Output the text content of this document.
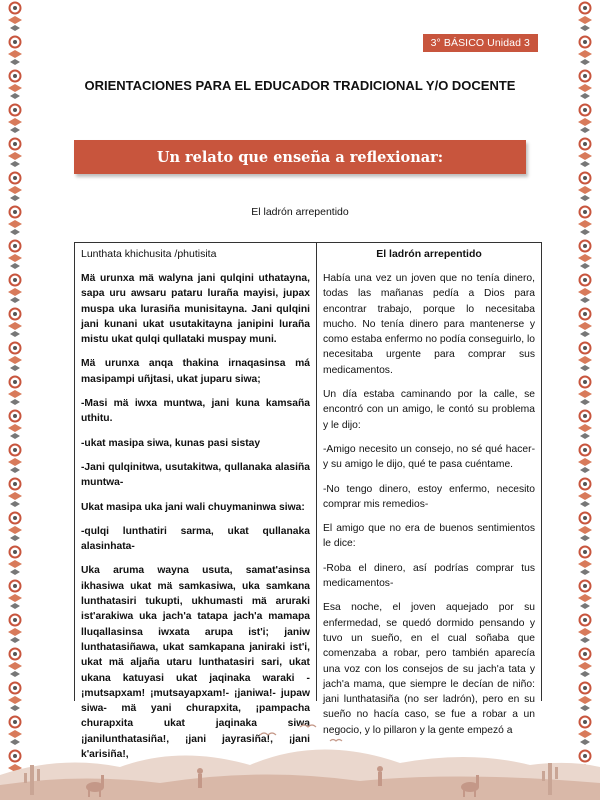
3° BÁSICO Unidad 3
ORIENTACIONES PARA EL EDUCADOR TRADICIONAL Y/O DOCENTE
Un relato que enseña a reflexionar:
El ladrón arrepentido
Lunthata khichusita /phutisita

Mä urunxa mä walyna jani qulqini uthatayna, sapa uru awsaru pataru luraña mayisi, jupax muspa uka lurasiña munisitayna. Jani qulqini jani kunani ukat usutakitayna janipini luraña mistu ukat qulqi qullataki muspay muni.

Mä urunxa anqa thakina irnaqasinsa má masipampi uñjtasi, ukat juparu siwa;

-Masi mä iwxa muntwa, jani kuna kamsaña uthitu.

-ukat masipa siwa, kunas pasi sistay

-Jani qulqinitwa, usutakitwa, qullanaka alasiña muntwa-

Ukat masipa uka jani wali chuymaninwa siwa:

-qulqi lunthatiri sarma, ukat qullanaka alasinhata-

Uka aruma wayna usuta, samat'asinsa ikhasiwa ukat mä samkasiwa, uka samkana lunthatasiri tukupti, ukhumasti mä aruraki ist'arakiwa uka jach'a tatapa jach'a mamapa lluqallasinsa iwxata arupa ist'i; janiw lunthatasiñawa, ukat samkapana janiraki ist'i, ukat mä aljaña utaru lunthatasiri sari, ukat ukana katuyasi ukat jaqinaka waraki -¡mutsapxam! ¡mutsayapxam!- ¡janiwa!- jupaw siwa- mä yani churapxita, ¡pampacha churapxita ukat jaqinaka siwa ¡janilunthatasiña!, ¡jani jayrasiña!, ¡jani k'arisiña!,

El ladrón arrepentido

Había una vez un joven que no tenía dinero, todas las mañanas pedía a Dios para encontrar trabajo, porque lo necesitaba mucho. No tenía dinero para mantenerse y como estaba enfermo no podía conseguirlo, lo necesitaba urgente para comprar sus medicamentos.

Un día estaba caminando por la calle, se encontró con un amigo, le contó su problema y le dijo:

-Amigo necesito un consejo, no sé qué hacer- y su amigo le dijo, qué te pasa cuéntame.

-No tengo dinero, estoy enfermo, necesito comprar mis remedios-

El amigo que no era de buenos sentimientos le dice:

-Roba el dinero, así podrías comprar tus medicamentos-

Esa noche, el joven aquejado por su enfermedad, se quedó dormido pensando y tuvo un sueño, en el cual soñaba que comenzaba a robar, pero también aparecía una voz con los consejos de su jach'a tata y jach'a mama, que siempre le decían de niño: jani lunthatasiña (no ser ladrón), pero en su sueño no hacía caso, se fue a robar a un negocio, y lo pillaron y la gente empezó a
